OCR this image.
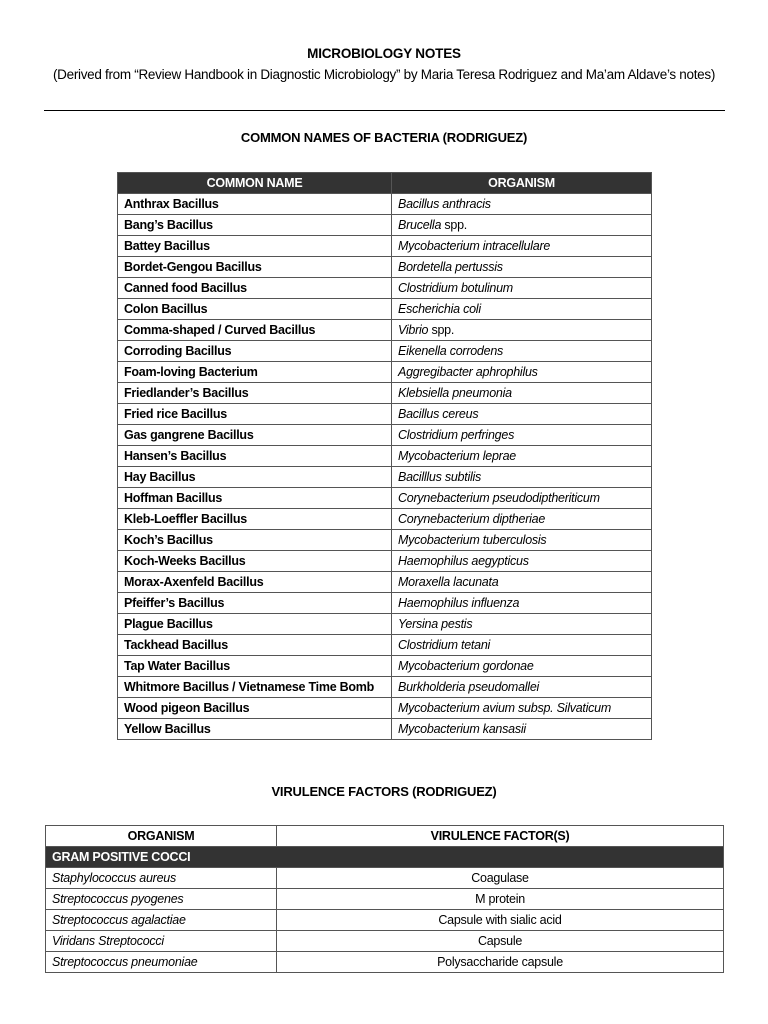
MICROBIOLOGY NOTES
(Derived from “Review Handbook in Diagnostic Microbiology” by Maria Teresa Rodriguez and Ma’am Aldave’s notes)
COMMON NAMES OF BACTERIA (RODRIGUEZ)
COMMON NAME	ORGANISM
Anthrax Bacillus	Bacillus anthracis
Bang’s Bacillus	Brucella spp.
Battey Bacillus	Mycobacterium intracellulare
Bordet-Gengou Bacillus	Bordetella pertussis
Canned food Bacillus	Clostridium botulinum
Colon Bacillus	Escherichia coli
Comma-shaped / Curved Bacillus	Vibrio spp.
Corroding Bacillus	Eikenella corrodens
Foam-loving Bacterium	Aggregibacter aphrophilus
Friedlander’s Bacillus	Klebsiella pneumonia
Fried rice Bacillus	Bacillus cereus
Gas gangrene Bacillus	Clostridium perfringes
Hansen’s Bacillus	Mycobacterium leprae
Hay Bacillus	Bacilllus subtilis
Hoffman Bacillus	Corynebacterium pseudodiptheriticum
Kleb-Loeffler Bacillus	Corynebacterium diptheriae
Koch’s Bacillus	Mycobacterium tuberculosis
Koch-Weeks Bacillus	Haemophilus aegypticus
Morax-Axenfeld Bacillus	Moraxella lacunata
Pfeiffer’s Bacillus	Haemophilus influenza
Plague Bacillus	Yersina pestis
Tackhead Bacillus	Clostridium tetani
Tap Water Bacillus	Mycobacterium gordonae
Whitmore Bacillus / Vietnamese Time Bomb	Burkholderia pseudomallei
Wood pigeon Bacillus	Mycobacterium avium subsp. Silvaticum
Yellow Bacillus	Mycobacterium kansasii
VIRULENCE FACTORS (RODRIGUEZ)
ORGANISM	VIRULENCE FACTOR(S)
GRAM POSITIVE COCCI	
Staphylococcus aureus	Coagulase
Streptococcus pyogenes	M protein
Streptococcus agalactiae	Capsule with sialic acid
Viridans Streptococci	Capsule
Streptococcus pneumoniae	Polysaccharide capsule
